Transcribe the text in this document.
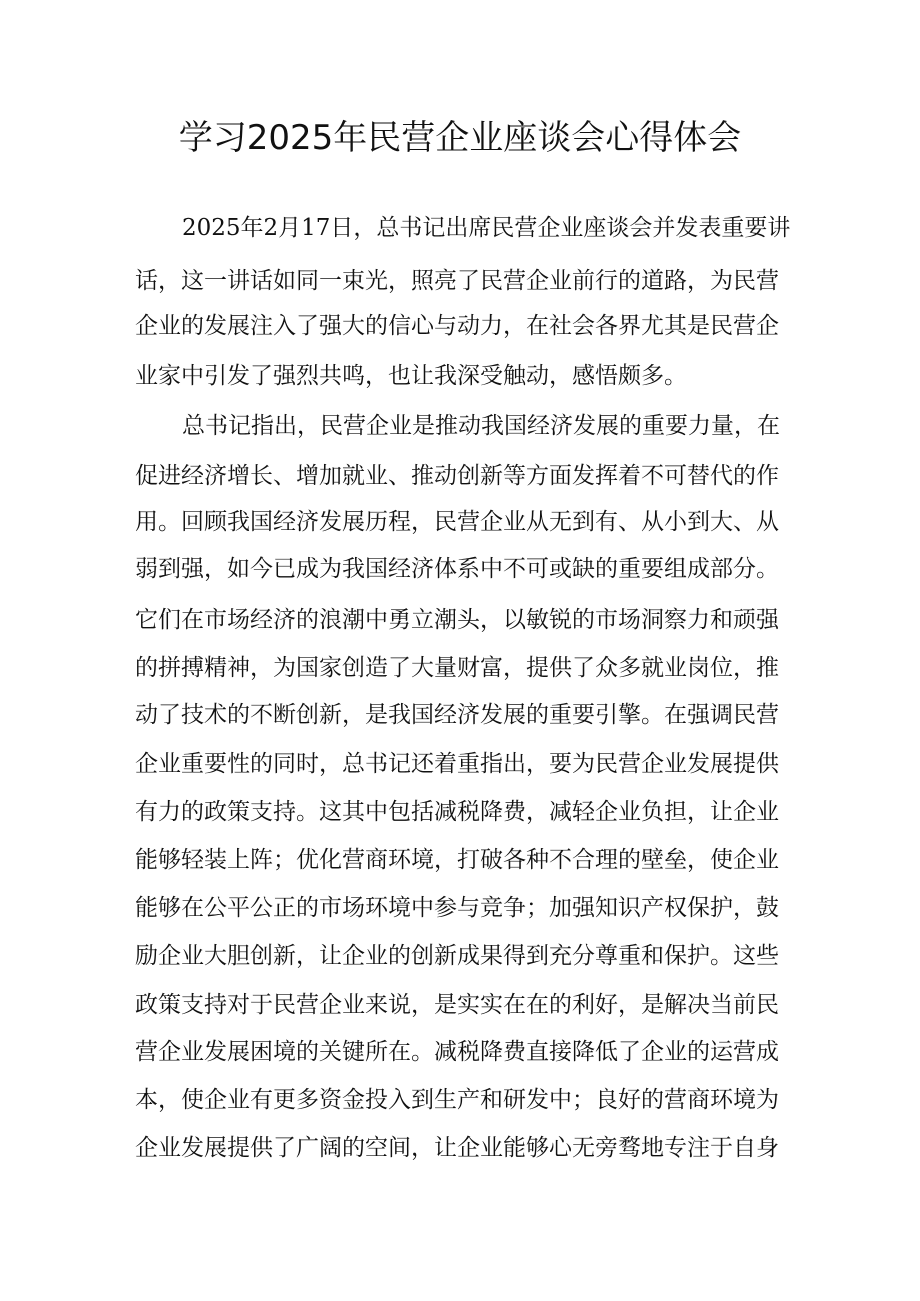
学习2025年民营企业座谈会心得体会
2025年2月17日，总书记出席民营企业座谈会并发表重要讲
话，这一讲话如同一束光，照亮了民营企业前行的道路，为民营
企业的发展注入了强大的信心与动力，在社会各界尤其是民营企
业家中引发了强烈共鸣，也让我深受触动，感悟颇多。
总书记指出，民营企业是推动我国经济发展的重要力量，在
促进经济增长、增加就业、推动创新等方面发挥着不可替代的作
用。回顾我国经济发展历程，民营企业从无到有、从小到大、从
弱到强，如今已成为我国经济体系中不可或缺的重要组成部分。
它们在市场经济的浪潮中勇立潮头，以敏锐的市场洞察力和顽强
的拼搏精神，为国家创造了大量财富，提供了众多就业岗位，推
动了技术的不断创新，是我国经济发展的重要引擎。在强调民营
企业重要性的同时，总书记还着重指出，要为民营企业发展提供
有力的政策支持。这其中包括减税降费，减轻企业负担，让企业
能够轻装上阵；优化营商环境，打破各种不合理的壁垒，使企业
能够在公平公正的市场环境中参与竞争；加强知识产权保护，鼓
励企业大胆创新，让企业的创新成果得到充分尊重和保护。这些
政策支持对于民营企业来说，是实实在在的利好，是解决当前民
营企业发展困境的关键所在。减税降费直接降低了企业的运营成
本，使企业有更多资金投入到生产和研发中；良好的营商环境为
企业发展提供了广阔的空间，让企业能够心无旁骛地专注于自身
